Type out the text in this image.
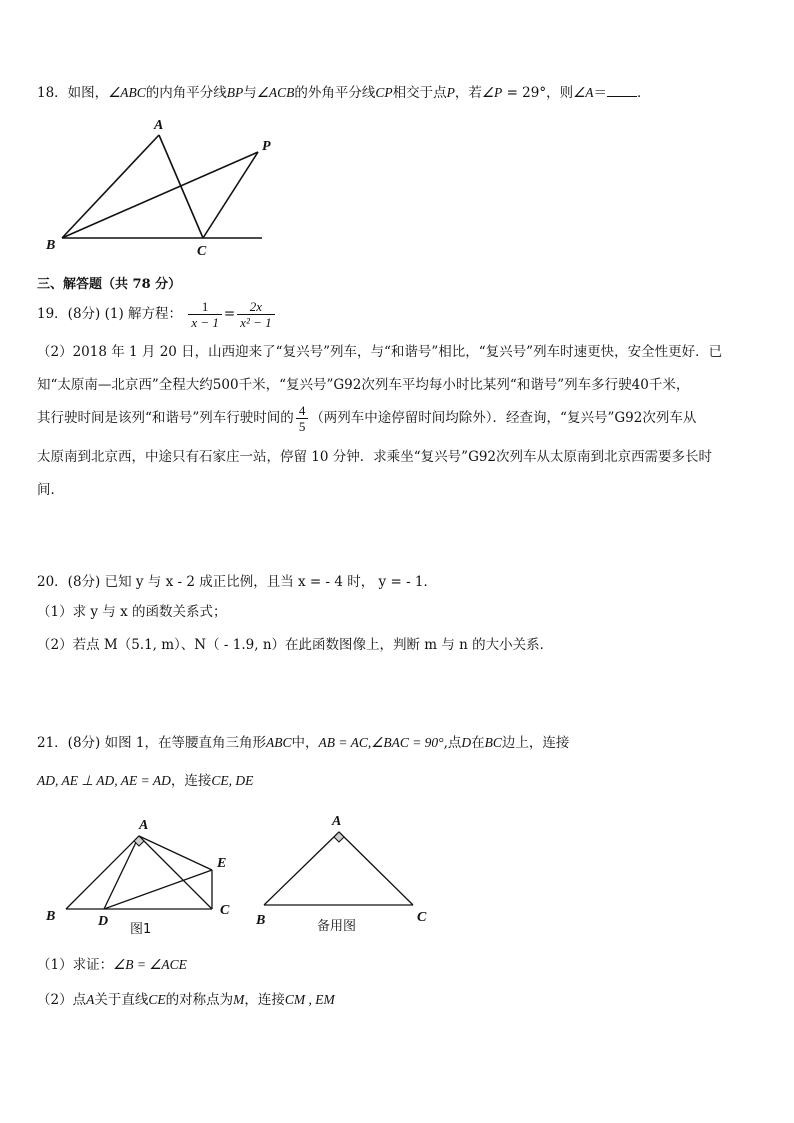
18．如图，∠ABC的内角平分线BP与∠ACB的外角平分线CP相交于点P，若∠P = 29°，则∠A＝ ．
A
P
B	C
三、解答题（共 78 分）
19．(8分) (1) 解方程： $\frac{1}{x - 1} = \frac{2x}{\text{x² − 1}}$
（2）2018 年 1 月 20 日，山西迎来了“复兴号”列车，与“和谐号”相比，“复兴号”列车时速更快，安全性更好．已
知“太原南—北京西”全程大约500千米，“复兴号”G92次列车平均每小时比某列“和谐号”列车多行驶40千米，
其行驶时间是该列“和谐号”列车行驶时间的 $\frac{4}{5}$ （两列车中途停留时间均除外）．经查询，“复兴号”G92次列车从
太原南到北京西，中途只有石家庄一站，停留 10 分钟．求乘坐“复兴号”G92次列车从太原南到北京西需要多长时
间．
20．(8分) 已知 y 与 x - 2 成正比例，且当 x = - 4 时， y = - 1．
（1）求 y 与 x 的函数关系式；
（2）若点 M（5.1, m）、N（ - 1.9, n）在此函数图像上，判断 m 与 n 的大小关系．
21．(8分) 如图 1，在等腰直角三角形ABC中，AB = AC,∠BAC = 90°,点D在BC边上，连接
AD, AE ⊥ AD, AE = AD，连接CE, DE
A
E
B	D
C
图1
A
B	C
备用图
（1）求证：∠B = ∠ACE
（2）点A关于直线CE的对称点为M，连接CM , EM
